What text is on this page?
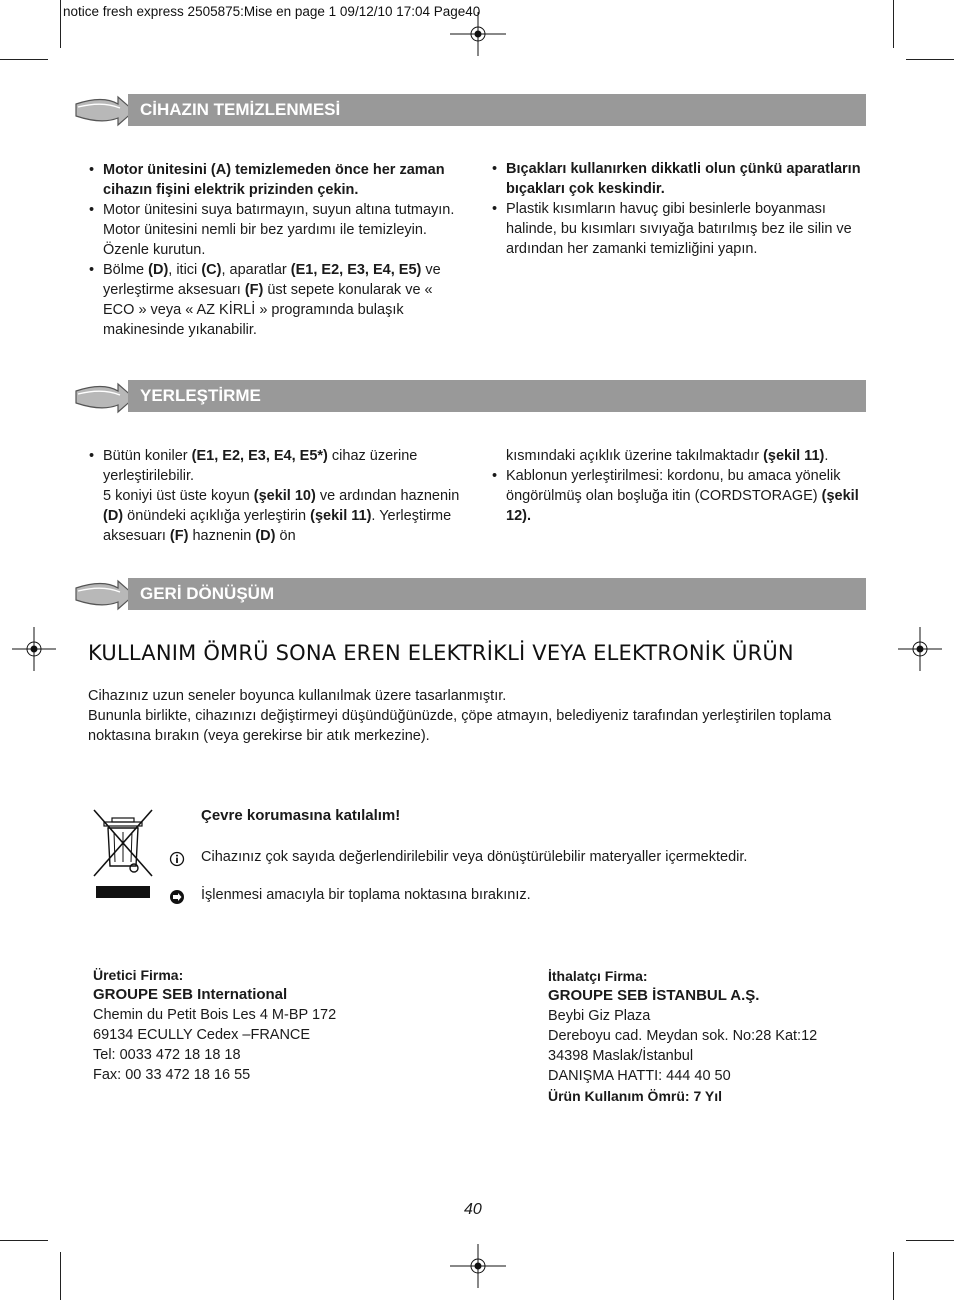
notice fresh express 2505875:Mise en page 1 09/12/10 17:04 Page40
CİHAZIN TEMİZLENMESİ
• Motor ünitesini (A) temizlemeden önce her zaman cihazın fişini elektrik prizinden çekin.
• Motor ünitesini suya batırmayın, suyun altına tutmayın. Motor ünitesini nemli bir bez yardımı ile temizleyin. Özenle kurutun.
• Bölme (D), itici (C), aparatlar (E1, E2, E3, E4, E5) ve yerleştirme aksesuarı (F) üst sepete konularak ve « ECO » veya « AZ KİRLİ » programında bulaşık makinesinde yıkanabilir.
• Bıçakları kullanırken dikkatli olun çünkü aparatların bıçakları çok keskindir.
• Plastik kısımların havuç gibi besinlerle boyanması halinde, bu kısımları sıvıyağa batırılmış bez ile silin ve ardından her zamanki temizliğini yapın.
YERLEŞTİRME
• Bütün koniler (E1, E2, E3, E4, E5*) cihaz üzerine yerleştirilebilir.
5 koniyi üst üste koyun (şekil 10) ve ardından haznenin (D) önündeki açıklığa yerleştirin (şekil 11). Yerleştirme aksesuarı (F) haznenin (D) ön
kısmındaki açıklık üzerine takılmaktadır (şekil 11).
• Kablonun yerleştirilmesi: kordonu, bu amaca yönelik öngörülmüş olan boşluğa itin (CORDSTORAGE) (şekil 12).
GERİ DÖNÜŞÜM
KULLANIM ÖMRÜ SONA EREN ELEKTRİKLİ VEYA ELEKTRONİK ÜRÜN
Cihazınız uzun seneler boyunca kullanılmak üzere tasarlanmıştır.
Bununla birlikte, cihazınızı değiştirmeyi düşündüğünüzde, çöpe atmayın, belediyeniz tarafından yerleştirilen toplama noktasına bırakın (veya gerekirse bir atık merkezine).
Çevre korumasına katılalım!
Cihazınız çok sayıda değerlendirilebilir veya dönüştürülebilir materyaller içermektedir.
İşlenmesi amacıyla bir toplama noktasına bırakınız.
Üretici Firma:
GROUPE SEB International
Chemin du Petit Bois Les 4 M-BP 172
69134 ECULLY Cedex –FRANCE
Tel: 0033 472 18 18 18
Fax: 00 33 472 18 16 55
İthalatçı Firma:
GROUPE SEB İSTANBUL A.Ş.
Beybi Giz Plaza
Dereboyu cad. Meydan sok. No:28 Kat:12
34398 Maslak/İstanbul
DANIŞMA HATTI: 444 40 50
Ürün Kullanım Ömrü: 7 Yıl
40
